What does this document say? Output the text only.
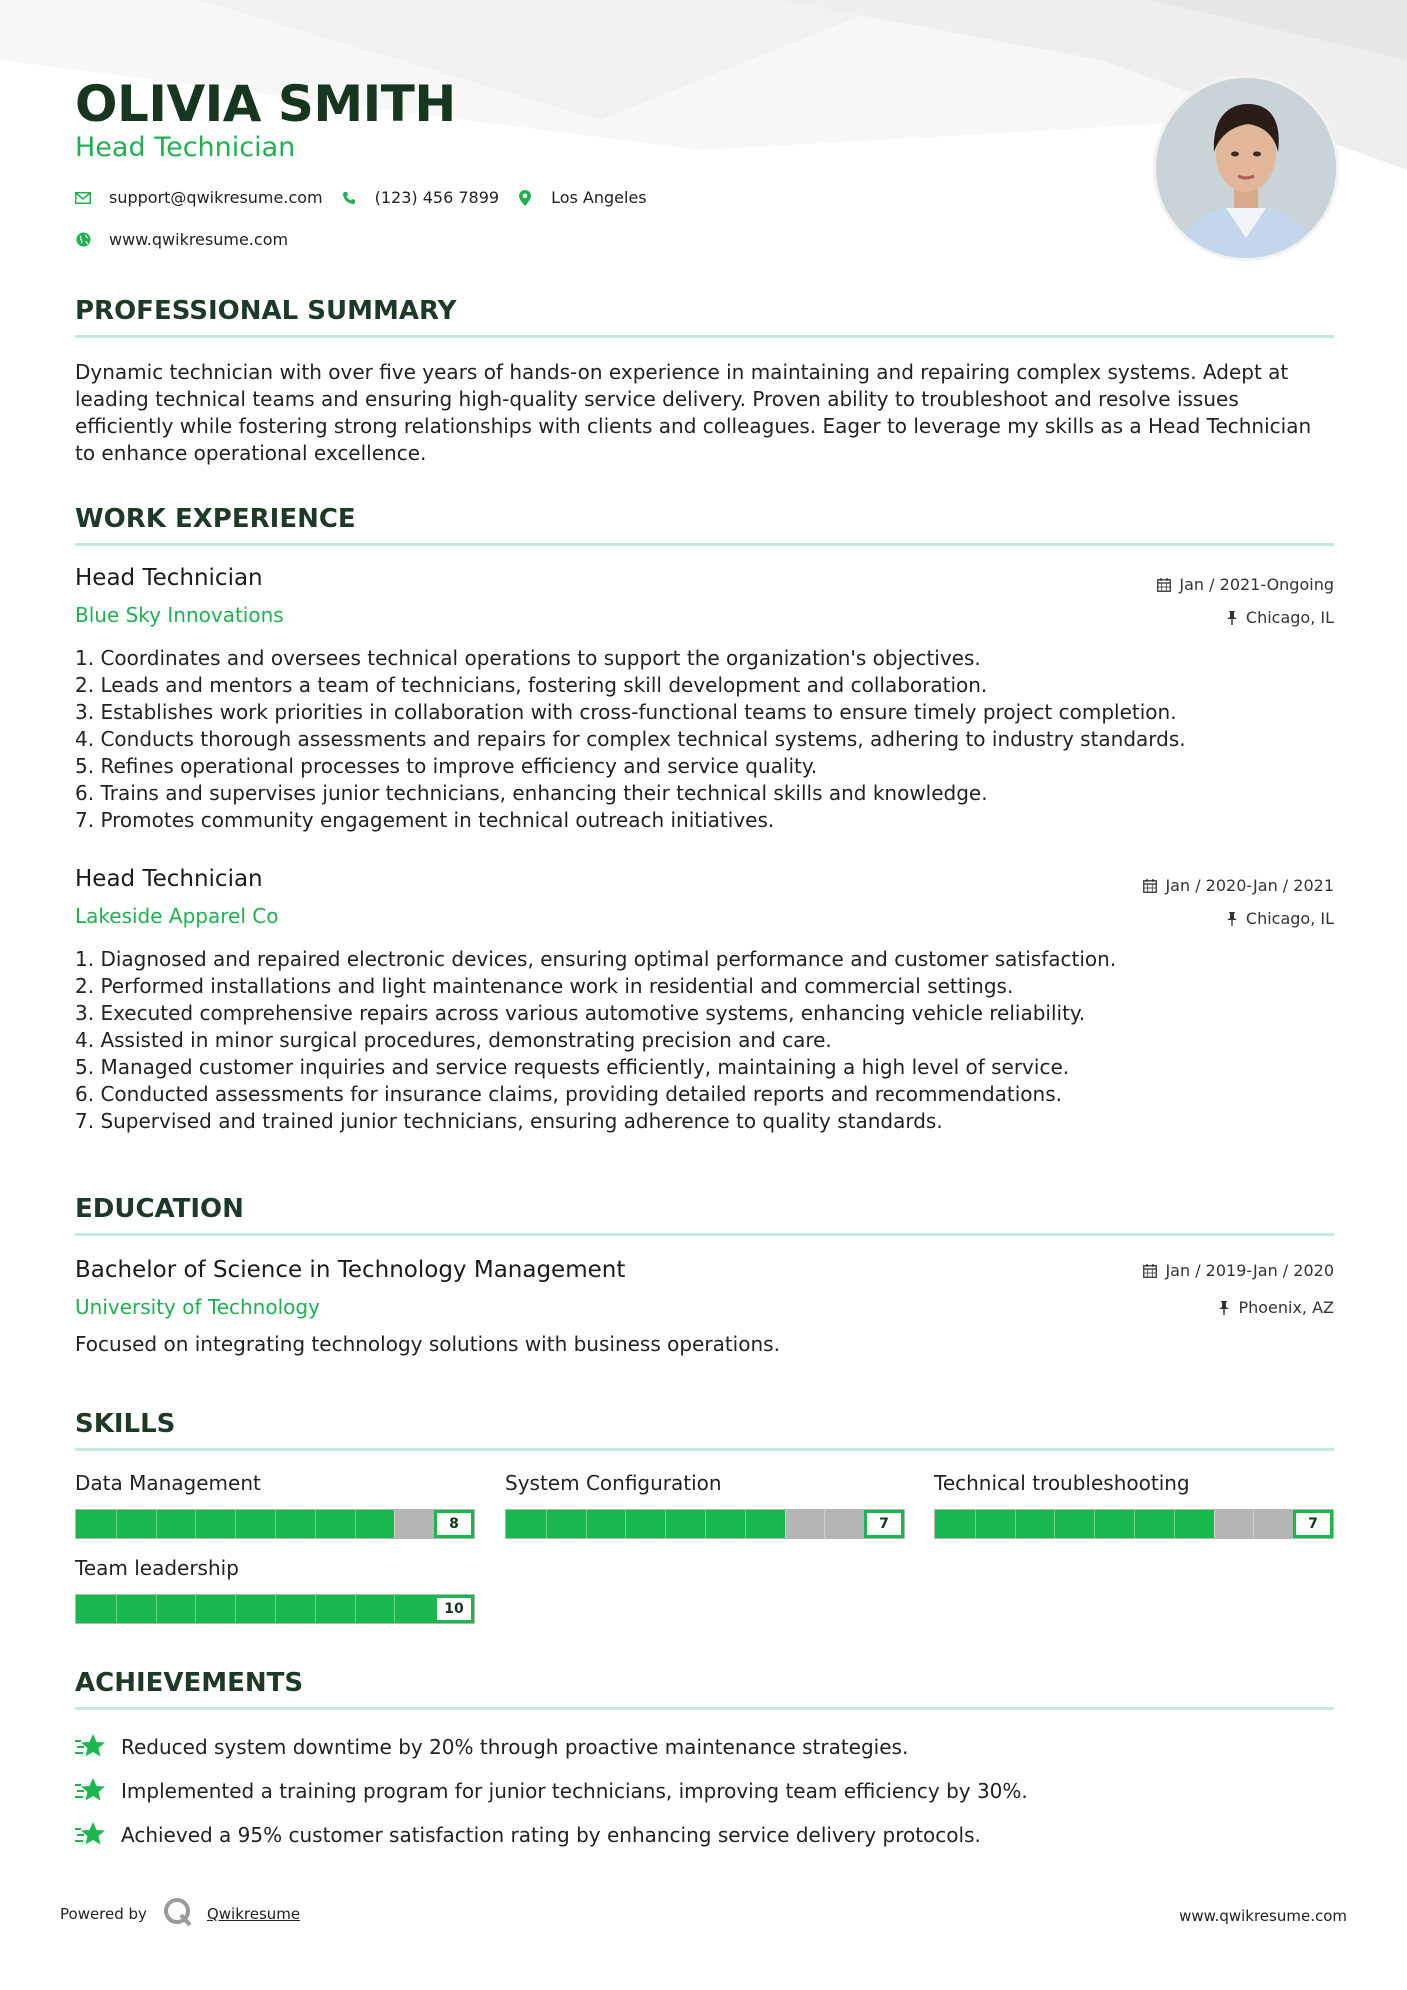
OLIVIA SMITH
Head Technician
support@qwikresume.com	(123) 456 7899	Los Angeles
www.qwikresume.com
PROFESSIONAL SUMMARY
Dynamic technician with over five years of hands-on experience in maintaining and repairing complex systems. Adept at leading technical teams and ensuring high-quality service delivery. Proven ability to troubleshoot and resolve issues efficiently while fostering strong relationships with clients and colleagues. Eager to leverage my skills as a Head Technician to enhance operational excellence.
WORK EXPERIENCE
Head Technician	Jan / 2021-Ongoing
Blue Sky Innovations	Chicago, IL
1. Coordinates and oversees technical operations to support the organization's objectives.
2. Leads and mentors a team of technicians, fostering skill development and collaboration.
3. Establishes work priorities in collaboration with cross-functional teams to ensure timely project completion.
4. Conducts thorough assessments and repairs for complex technical systems, adhering to industry standards.
5. Refines operational processes to improve efficiency and service quality.
6. Trains and supervises junior technicians, enhancing their technical skills and knowledge.
7. Promotes community engagement in technical outreach initiatives.
Head Technician	Jan / 2020-Jan / 2021
Lakeside Apparel Co	Chicago, IL
1. Diagnosed and repaired electronic devices, ensuring optimal performance and customer satisfaction.
2. Performed installations and light maintenance work in residential and commercial settings.
3. Executed comprehensive repairs across various automotive systems, enhancing vehicle reliability.
4. Assisted in minor surgical procedures, demonstrating precision and care.
5. Managed customer inquiries and service requests efficiently, maintaining a high level of service.
6. Conducted assessments for insurance claims, providing detailed reports and recommendations.
7. Supervised and trained junior technicians, ensuring adherence to quality standards.
EDUCATION
Bachelor of Science in Technology Management	Jan / 2019-Jan / 2020
University of Technology	Phoenix, AZ
Focused on integrating technology solutions with business operations.
SKILLS
Data Management
8
System Configuration
7
Technical troubleshooting
7
Team leadership
10
ACHIEVEMENTS
Reduced system downtime by 20% through proactive maintenance strategies.
Implemented a training program for junior technicians, improving team efficiency by 30%.
Achieved a 95% customer satisfaction rating by enhancing service delivery protocols.
Powered by	Qwikresume	www.qwikresume.com
